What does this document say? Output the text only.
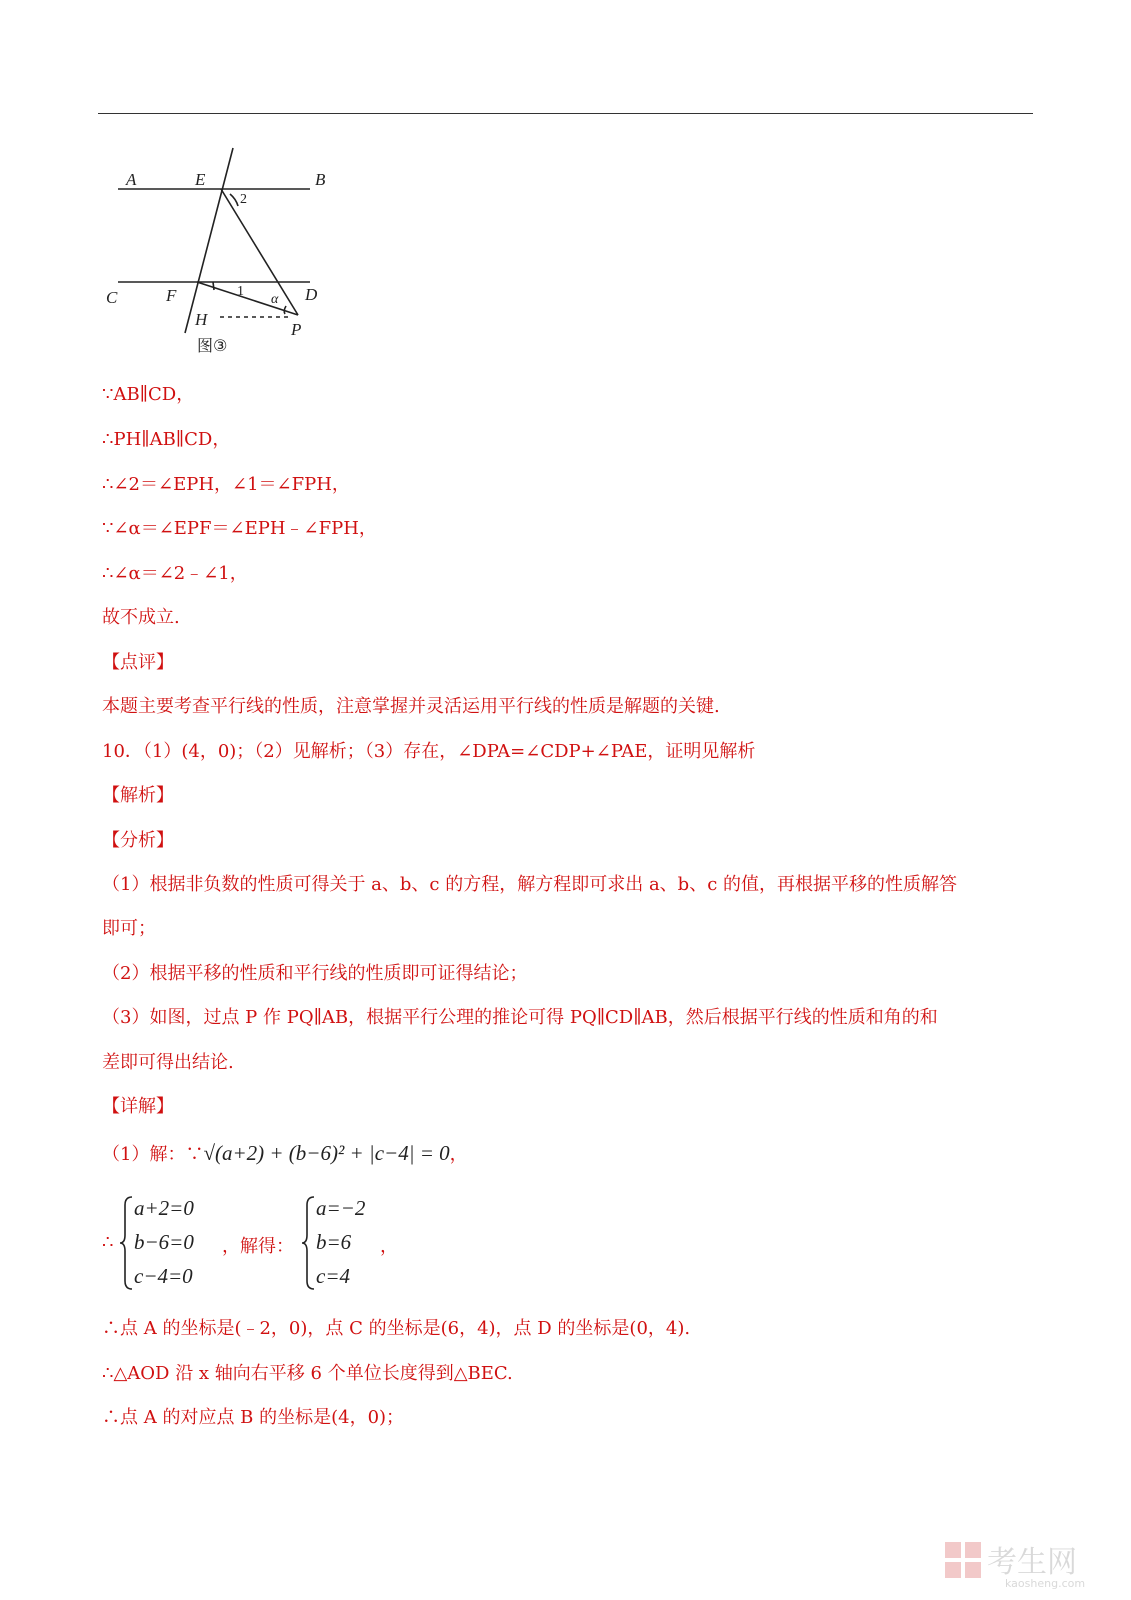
A	E	B
C	F	D
H
P
2
1
α
图③
∵AB∥CD，
∴PH∥AB∥CD，
∴∠2＝∠EPH，∠1＝∠FPH，
∵∠α＝∠EPF＝∠EPH﹣∠FPH，
∴∠α＝∠2﹣∠1，
故不成立.
【点评】
本题主要考查平行线的性质，注意掌握并灵活运用平行线的性质是解题的关键.
10．（1）(4，0)；（2）见解析；（3）存在，∠DPA=∠CDP+∠PAE，证明见解析
【解析】
【分析】
（1）根据非负数的性质可得关于 a、b、c 的方程，解方程即可求出 a、b、c 的值，再根据平移的性质解答
即可；
（2）根据平移的性质和平行线的性质即可证得结论；
（3）如图，过点 P 作 PQ∥AB，根据平行公理的推论可得 PQ∥CD∥AB，然后根据平行线的性质和角的和
差即可得出结论.
【详解】
（1）解：∵√(a+2) + (b−6)² + |c−4| = 0，
∴
a+2=0
b−6=0
c−4=0
，解得：
a=−2
b=6
c=4
，
∴点 A 的坐标是(﹣2，0)，点 C 的坐标是(6，4)，点 D 的坐标是(0，4).
∴△AOD 沿 x 轴向右平移 6 个单位长度得到△BEC.
∴点 A 的对应点 B 的坐标是(4，0)；
考生网
kaosheng.com
